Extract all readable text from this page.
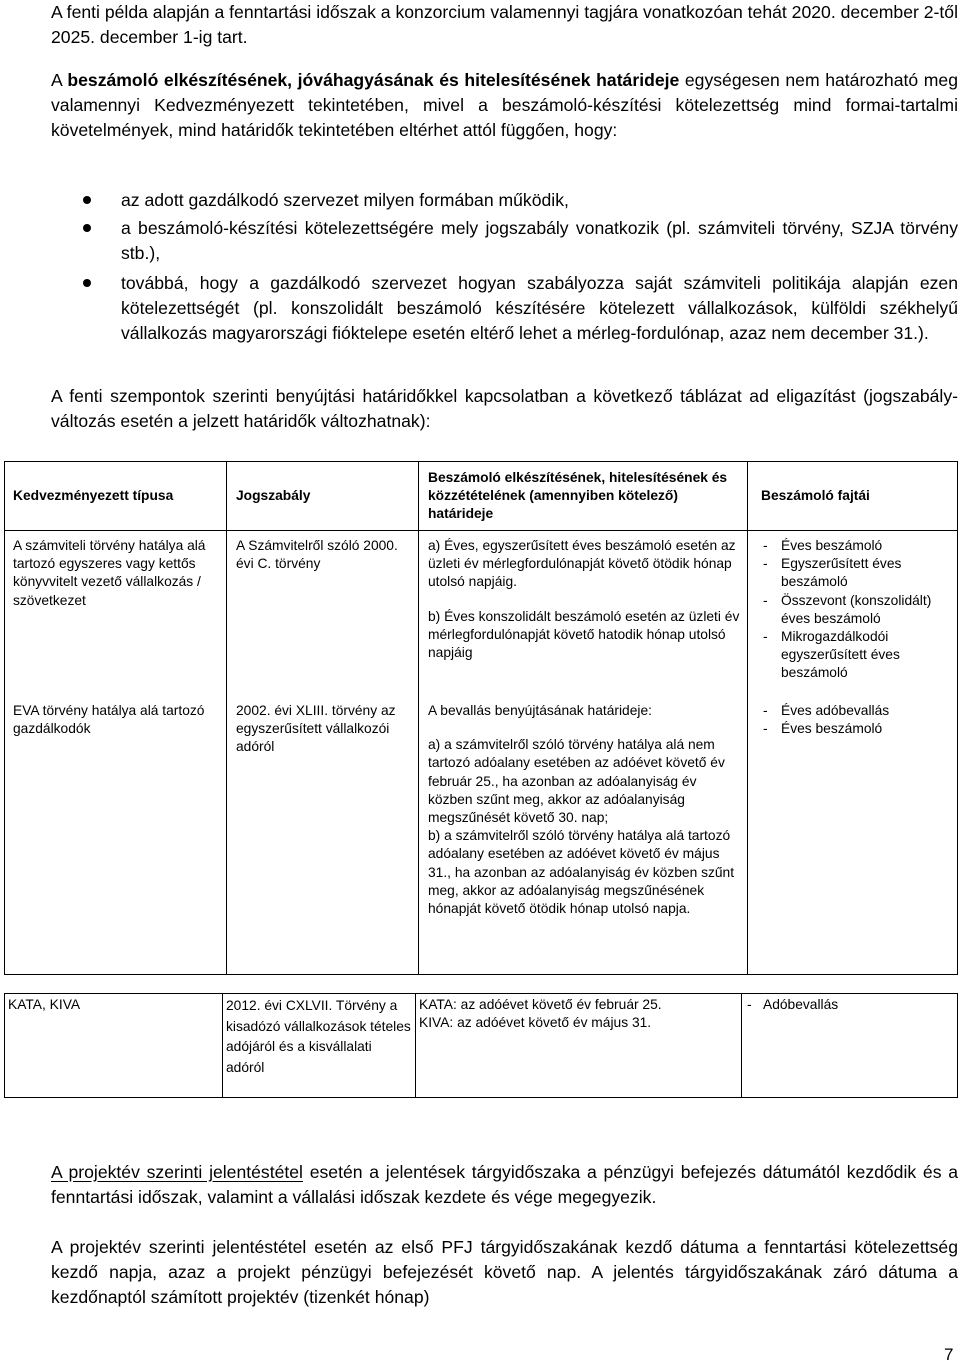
A fenti példa alapján a fenntartási időszak a konzorcium valamennyi tagjára vonatkozóan tehát 2020. december 2-től 2025. december 1-ig tart.

A beszámoló elkészítésének, jóváhagyásának és hitelesítésének határideje egységesen nem határozható meg valamennyi Kedvezményezett tekintetében, mivel a beszámoló-készítési kötelezettség mind formai-tartalmi követelmények, mind határidők tekintetében eltérhet attól függően, hogy:

az adott gazdálkodó szervezet milyen formában működik,

a beszámoló-készítési kötelezettségére mely jogszabály vonatkozik (pl. számviteli törvény, SZJA törvény stb.),

továbbá, hogy a gazdálkodó szervezet hogyan szabályozza saját számviteli politikája alapján ezen kötelezettségét (pl. konszolidált beszámoló készítésére kötelezett vállalkozások, külföldi székhelyű vállalkozás magyarországi fióktelepe esetén eltérő lehet a mérleg-fordulónap, azaz nem december 31.).

A fenti szempontok szerinti benyújtási határidőkkel kapcsolatban a következő táblázat ad eligazítást (jogszabály-változás esetén a jelzett határidők változhatnak):

Kedvezményezett típusa	Jogszabály
Beszámoló elkészítésének, hitelesítésének és közzétételének (amennyiben kötelező) határideje
Beszámoló fajtái
A számviteli törvény hatálya alá tartozó egyszeres vagy kettős könyvvitelt vezető vállalkozás / szövetkezet
A Számvitelről szóló 2000. évi C. törvény
a) Éves, egyszerűsített éves beszámoló esetén az üzleti év mérlegfordulónapját követő ötödik hónap utolsó napjáig.
b) Éves konszolidált beszámoló esetén az üzleti év mérlegfordulónapját követő hatodik hónap utolsó napjáig
- Éves beszámoló
- Egyszerűsített éves beszámoló
- Összevont (konszolidált) éves beszámoló
- Mikrogazdálkodói egyszerűsített éves beszámoló
EVA törvény hatálya alá tartozó gazdálkodók
2002. évi XLIII. törvény az egyszerűsített vállalkozói adóról
A bevallás benyújtásának határideje:
a) a számvitelről szóló törvény hatálya alá nem tartozó adóalany esetében az adóévet követő év február 25., ha azonban az adóalanyiság év közben szűnt meg, akkor az adóalanyiság megszűnését követő 30. nap;
b) a számvitelről szóló törvény hatálya alá tartozó adóalany esetében az adóévet követő év május 31., ha azonban az adóalanyiság év közben szűnt meg, akkor az adóalanyiság megszűnésének hónapját követő ötödik hónap utolsó napja.
- Éves adóbevallás
- Éves beszámoló
KATA, KIVA	2012. évi CXLVII. Törvény a kisadózó vállalkozások tételes adójáról és a kisvállalati adóról
KATA: az adóévet követő év február 25.
KIVA: az adóévet követő év május 31.
- Adóbevallás

A projektév szerinti jelentéstétel esetén a jelentések tárgyidőszaka a pénzügyi befejezés dátumától kezdődik és a fenntartási időszak, valamint a vállalási időszak kezdete és vége megegyezik.

A projektév szerinti jelentéstétel esetén az első PFJ tárgyidőszakának kezdő dátuma a fenntartási kötelezettség kezdő napja, azaz a projekt pénzügyi befejezését követő nap. A jelentés tárgyidőszakának záró dátuma a kezdőnaptól számított projektév (tizenkét hónap)

7
